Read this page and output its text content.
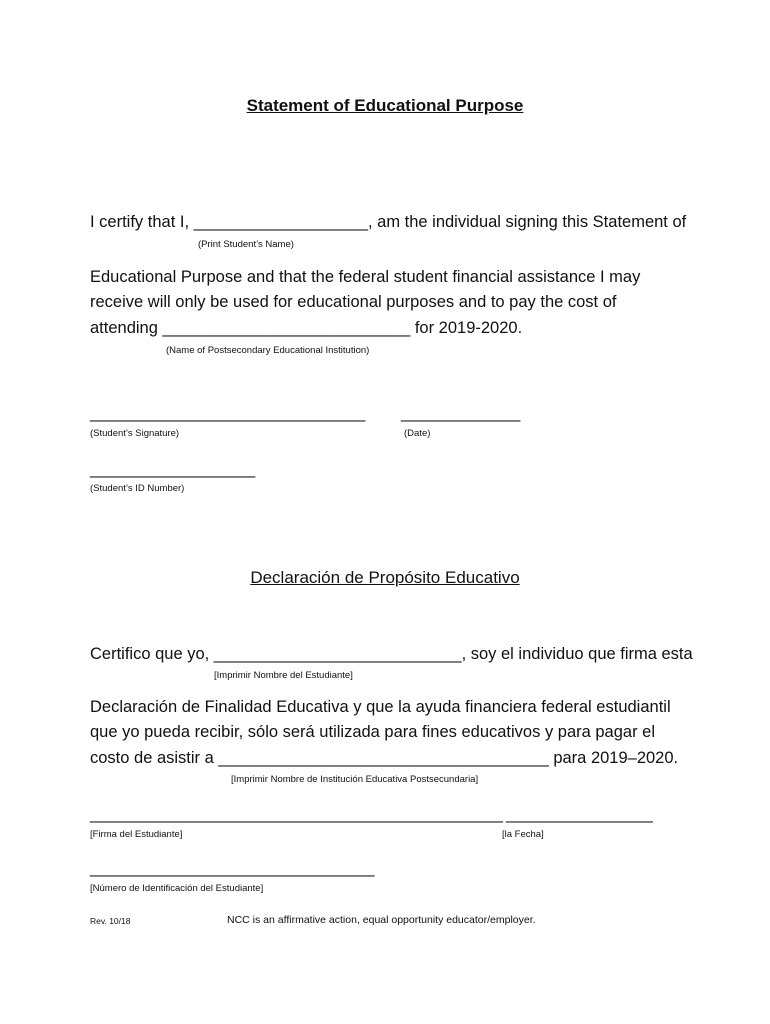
Statement of Educational Purpose
I certify that I, ___________________, am the individual signing this Statement of
(Print Student’s Name)
Educational Purpose and that the federal student financial assistance I may
receive will only be used for educational purposes and to pay the cost of
attending ___________________________ for 2019-2020.
(Name of Postsecondary Educational Institution)
______________________________ _____________
(Student’s Signature)	(Date)
__________________
(Student’s ID Number)
Declaración de Propósito Educativo
Certifico que yo, ___________________________, soy el individuo que firma esta
[Imprimir Nombre del Estudiante]
Declaración de Finalidad Educativa y que la ayuda financiera federal estudiantil
que yo pueda recibir, sólo será utilizada para fines educativos y para pagar el
costo de asistir a ____________________________________ para 2019–2020.
[Imprimir Nombre de Institución Educativa Postsecundaria]
_____________________________________________ ________________
[Firma del Estudiante]	[la Fecha]
_______________________________
[Número de Identificación del Estudiante]
Rev. 10/18	NCC is an affirmative action, equal opportunity educator/employer.
